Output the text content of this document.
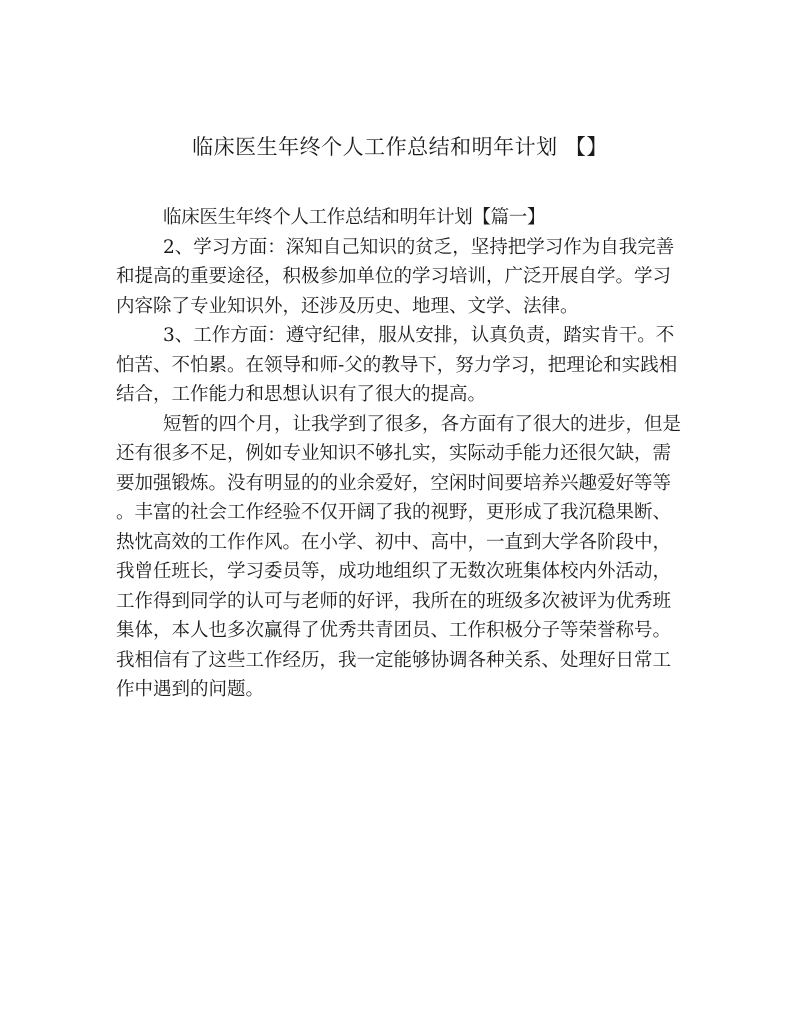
临床医生年终个人工作总结和明年计划 【】

临床医生年终个人工作总结和明年计划【篇一】

2、学习方面：深知自己知识的贫乏，坚持把学习作为自我完善
和提高的重要途径，积极参加单位的学习培训，广泛开展自学。学习
内容除了专业知识外，还涉及历史、地理、文学、法律。

3、工作方面：遵守纪律，服从安排，认真负责，踏实肯干。不
怕苦、不怕累。在领导和师-父的教导下，努力学习，把理论和实践相
结合，工作能力和思想认识有了很大的提高。

短暂的四个月，让我学到了很多，各方面有了很大的进步，但是
还有很多不足，例如专业知识不够扎实，实际动手能力还很欠缺，需
要加强锻炼。没有明显的的业余爱好，空闲时间要培养兴趣爱好等等
。丰富的社会工作经验不仅开阔了我的视野，更形成了我沉稳果断、
热忱高效的工作作风。在小学、初中、高中，一直到大学各阶段中，
我曾任班长，学习委员等，成功地组织了无数次班集体校内外活动，
工作得到同学的认可与老师的好评，我所在的班级多次被评为优秀班
集体，本人也多次赢得了优秀共青团员、工作积极分子等荣誉称号。
我相信有了这些工作经历，我一定能够协调各种关系、处理好日常工
作中遇到的问题。
